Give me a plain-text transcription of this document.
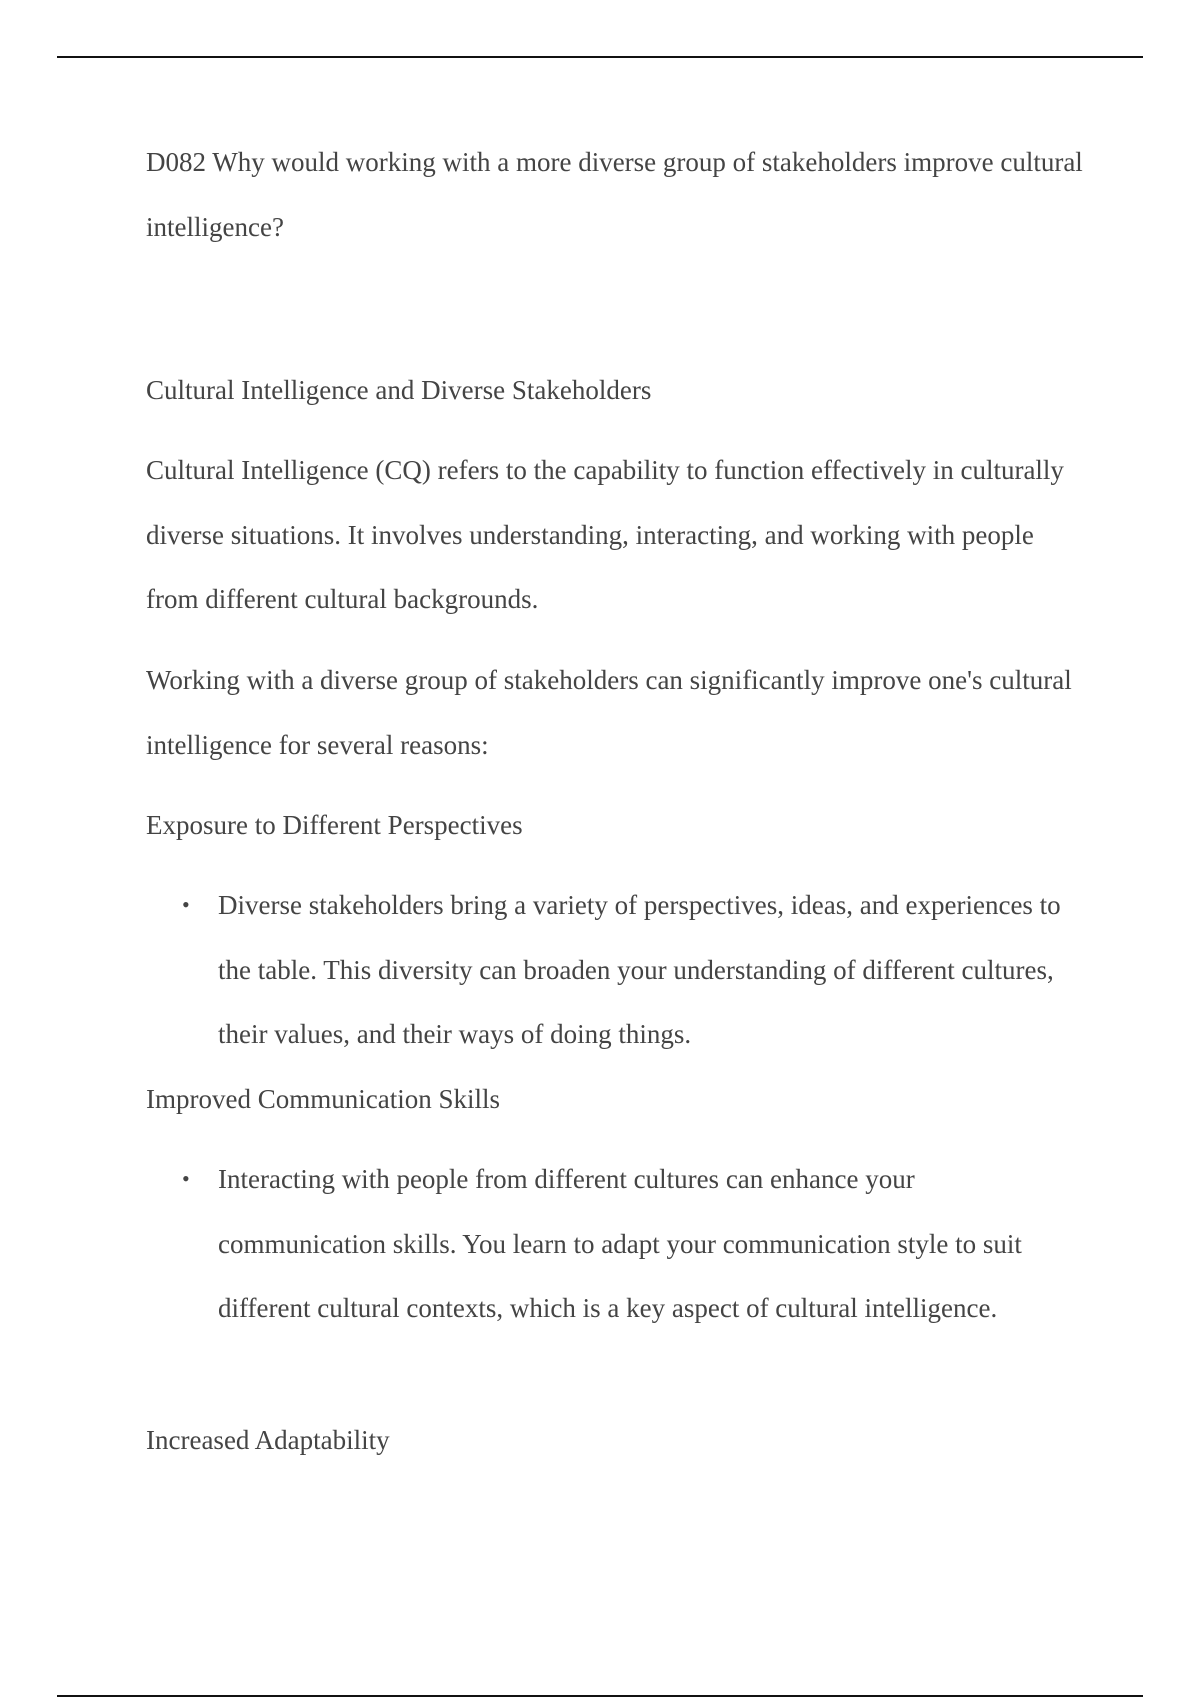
D082 Why would working with a more diverse group of stakeholders improve cultural intelligence?

Cultural Intelligence and Diverse Stakeholders

Cultural Intelligence (CQ) refers to the capability to function effectively in culturally diverse situations. It involves understanding, interacting, and working with people from different cultural backgrounds.

Working with a diverse group of stakeholders can significantly improve one's cultural intelligence for several reasons:

Exposure to Different Perspectives

•	Diverse stakeholders bring a variety of perspectives, ideas, and experiences to the table. This diversity can broaden your understanding of different cultures, their values, and their ways of doing things.

Improved Communication Skills

•	Interacting with people from different cultures can enhance your communication skills. You learn to adapt your communication style to suit different cultural contexts, which is a key aspect of cultural intelligence.

Increased Adaptability
